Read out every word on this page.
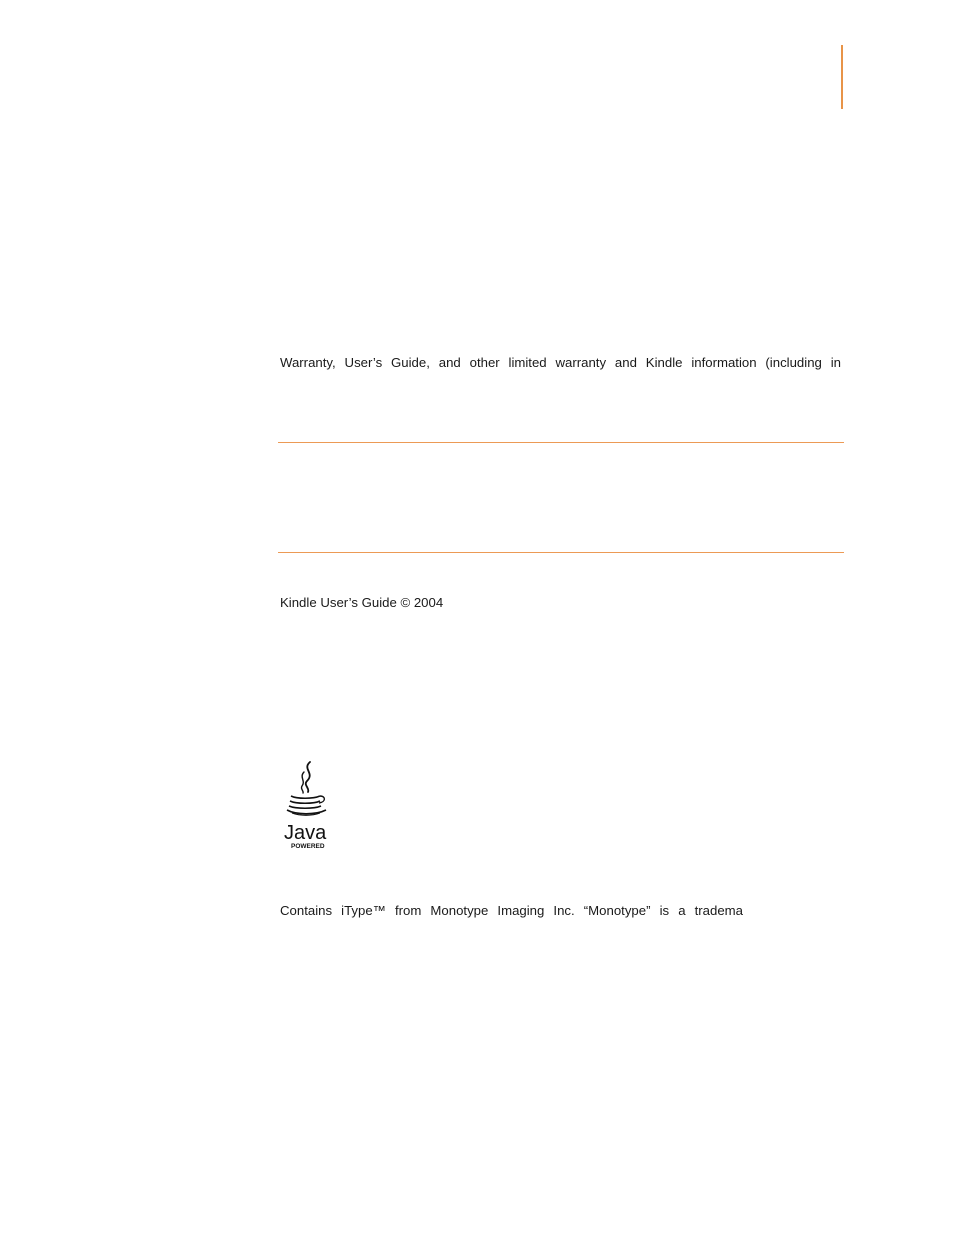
Warranty, User’s Guide, and other limited warranty and Kindle information (including in

Kindle User’s Guide © 2004

Java
POWERED

Contains iType™ from Monotype Imaging Inc. “Monotype” is a tradema
